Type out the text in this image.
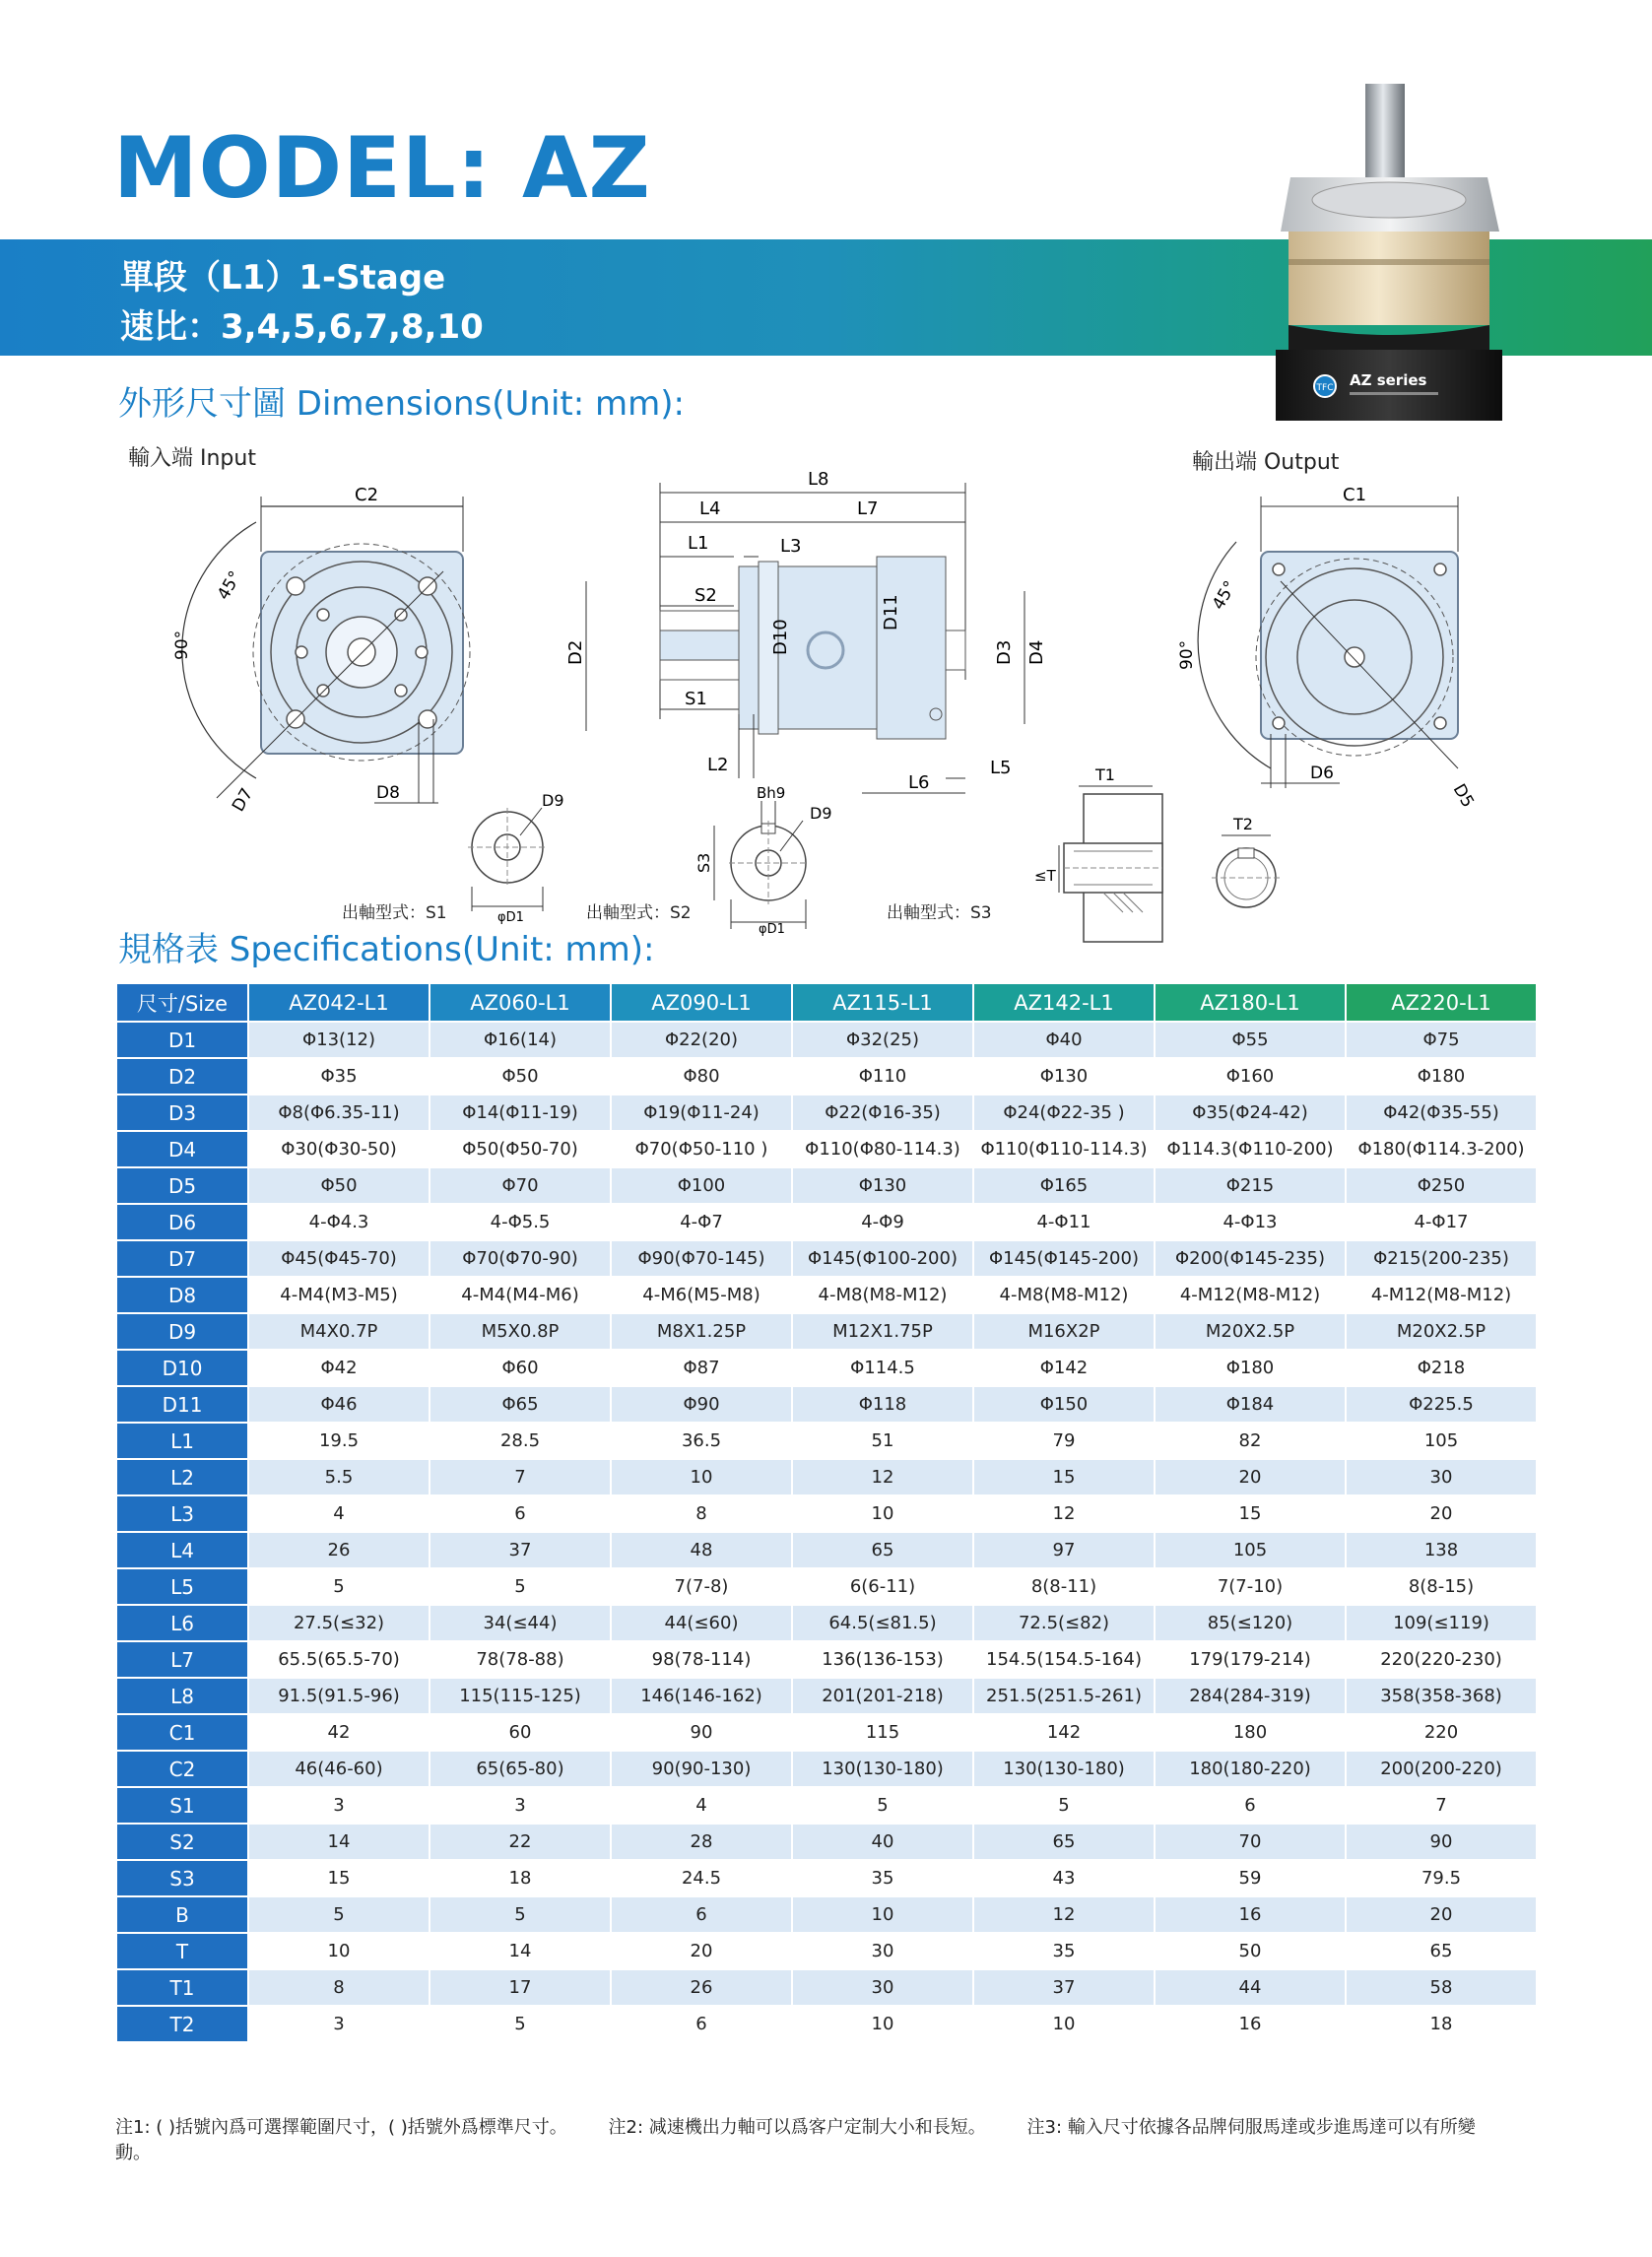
MODEL: AZ
單段（L1）1-Stage
速比：3,4,5,6,7,8,10
TFC AZ series
外形尺寸圖 Dimensions(Unit: mm):
輸入端 Input	輸出端 Output
C2
45°
90°
D7	D8
L8
L4	L7
L1	L3
S2
S1
D2	D10
D11
D3 D4
L2
L6
L5
C1
45°
90°
D6
D5
D9
φD1
出軸型式：S1
Bh9
D9
S3
φD1
出軸型式：S2
T1
≤T
T2
出軸型式：S3
規格表 Specifications(Unit: mm):
尺寸/Size	AZ042-L1	AZ060-L1	AZ090-L1	AZ115-L1	AZ142-L1	AZ180-L1	AZ220-L1
D1	Φ13(12)	Φ16(14)	Φ22(20)	Φ32(25)	Φ40	Φ55	Φ75
D2	Φ35	Φ50	Φ80	Φ110	Φ130	Φ160	Φ180
D3	Φ8(Φ6.35-11)	Φ14(Φ11-19)	Φ19(Φ11-24)	Φ22(Φ16-35)	Φ24(Φ22-35 )	Φ35(Φ24-42)	Φ42(Φ35-55)
D4	Φ30(Φ30-50)	Φ50(Φ50-70)	Φ70(Φ50-110 )	Φ110(Φ80-114.3)	Φ110(Φ110-114.3)	Φ114.3(Φ110-200)	Φ180(Φ114.3-200)
D5	Φ50	Φ70	Φ100	Φ130	Φ165	Φ215	Φ250
D6	4-Φ4.3	4-Φ5.5	4-Φ7	4-Φ9	4-Φ11	4-Φ13	4-Φ17
D7	Φ45(Φ45-70)	Φ70(Φ70-90)	Φ90(Φ70-145)	Φ145(Φ100-200)	Φ145(Φ145-200)	Φ200(Φ145-235)	Φ215(200-235)
D8	4-M4(M3-M5)	4-M4(M4-M6)	4-M6(M5-M8)	4-M8(M8-M12)	4-M8(M8-M12)	4-M12(M8-M12)	4-M12(M8-M12)
D9	M4X0.7P	M5X0.8P	M8X1.25P	M12X1.75P	M16X2P	M20X2.5P	M20X2.5P
D10	Φ42	Φ60	Φ87	Φ114.5	Φ142	Φ180	Φ218
D11	Φ46	Φ65	Φ90	Φ118	Φ150	Φ184	Φ225.5
L1	19.5	28.5	36.5	51	79	82	105
L2	5.5	7	10	12	15	20	30
L3	4	6	8	10	12	15	20
L4	26	37	48	65	97	105	138
L5	5	5	7(7-8)	6(6-11)	8(8-11)	7(7-10)	8(8-15)
L6	27.5(≤32)	34(≤44)	44(≤60)	64.5(≤81.5)	72.5(≤82)	85(≤120)	109(≤119)
L7	65.5(65.5-70)	78(78-88)	98(78-114)	136(136-153)	154.5(154.5-164)	179(179-214)	220(220-230)
L8	91.5(91.5-96)	115(115-125)	146(146-162)	201(201-218)	251.5(251.5-261)	284(284-319)	358(358-368)
C1	42	60	90	115	142	180	220
C2	46(46-60)	65(65-80)	90(90-130)	130(130-180)	130(130-180)	180(180-220)	200(200-220)
S1	3	3	4	5	5	6	7
S2	14	22	28	40	65	70	90
S3	15	18	24.5	35	43	59	79.5
B	5	5	6	10	12	16	20
T	10	14	20	30	35	50	65
T1	8	17	26	30	37	44	58
T2	3	5	6	10	10	16	18
注1: ( )括號內爲可選擇範圍尺寸，( )括號外爲標準尺寸。 注2: 减速機出力軸可以爲客户定制大小和長短。 注3: 輸入尺寸依據各品牌伺服馬達或步進馬達可以有所變動。
